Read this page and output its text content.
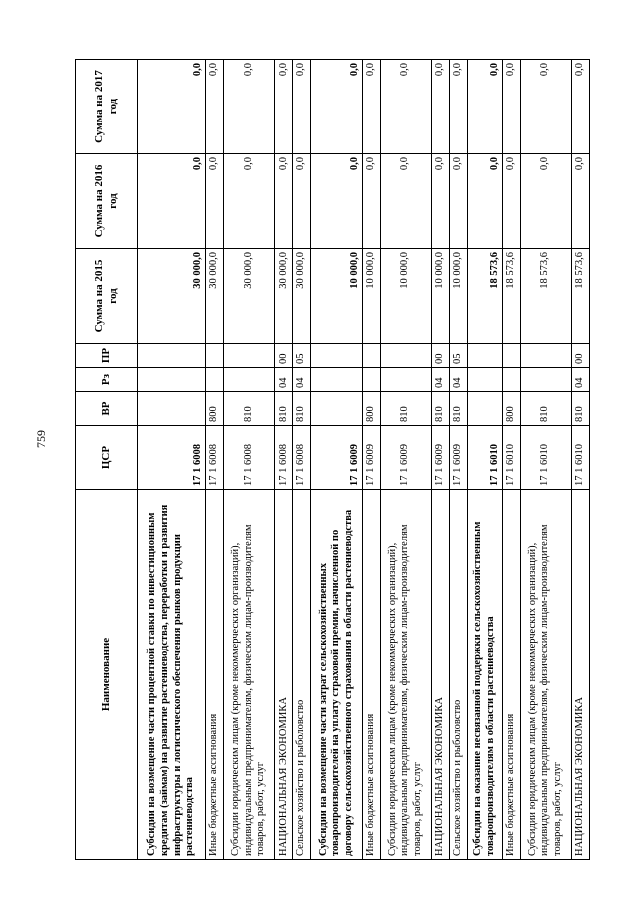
759
Наименование	ЦСР	ВР	Рз	ПР	Сумма на 2015 год	Сумма на 2016 год	Сумма на 2017 год
Субсидии на возмещение части процентной ставки по инвестиционным кредитам (займам) на развитие растениеводства, переработки и развития инфраструктуры и логистического обеспечения рынков продукции растениеводства	17 1 6008				30 000,0	0,0	0,0
Иные бюджетные ассигнования	17 1 6008	800			30 000,0	0,0	0,0
Субсидии юридическим лицам (кроме некоммерческих организаций), индивидуальным предпринимателям, физическим лицам-производителям товаров, работ, услуг	17 1 6008	810			30 000,0	0,0	0,0
НАЦИОНАЛЬНАЯ ЭКОНОМИКА	17 1 6008	810	04	00	30 000,0	0,0	0,0
Сельское хозяйство и рыболовство	17 1 6008	810	04	05	30 000,0	0,0	0,0
Субсидии на возмещение части затрат сельскохозяйственных товаропроизводителей на уплату страховой премии, начисленной по договору сельскохозяйственного страхования в области растениеводства	17 1 6009				10 000,0	0,0	0,0
Иные бюджетные ассигнования	17 1 6009	800			10 000,0	0,0	0,0
Субсидии юридическим лицам (кроме некоммерческих организаций), индивидуальным предпринимателям, физическим лицам-производителям товаров, работ, услуг	17 1 6009	810			10 000,0	0,0	0,0
НАЦИОНАЛЬНАЯ ЭКОНОМИКА	17 1 6009	810	04	00	10 000,0	0,0	0,0
Сельское хозяйство и рыболовство	17 1 6009	810	04	05	10 000,0	0,0	0,0
Субсидии на оказание несвязанной поддержки сельскохозяйственным товаропроизводителям в области растениеводства	17 1 6010				18 573,6	0,0	0,0
Иные бюджетные ассигнования	17 1 6010	800			18 573,6	0,0	0,0
Субсидии юридическим лицам (кроме некоммерческих организаций), индивидуальным предпринимателям, физическим лицам-производителям товаров, работ, услуг	17 1 6010	810			18 573,6	0,0	0,0
НАЦИОНАЛЬНАЯ ЭКОНОМИКА	17 1 6010	810	04	00	18 573,6	0,0	0,0
